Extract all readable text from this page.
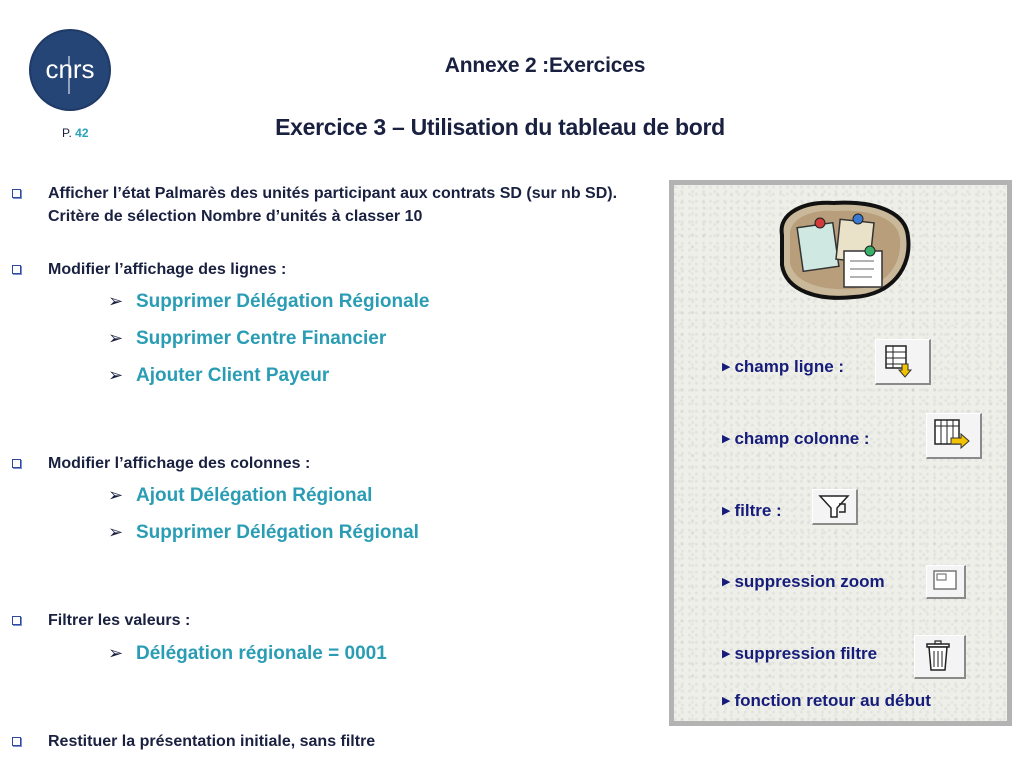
cnrs
P. 42
Annexe 2 :Exercices
Exercice 3 – Utilisation du tableau de bord
Afficher l’état Palmarès des unités participant aux contrats SD (sur nb SD). Critère de sélection Nombre d’unités à classer 10
Modifier l’affichage des lignes :
➢ Supprimer Délégation Régionale
➢ Supprimer Centre Financier
➢ Ajouter Client Payeur
Modifier l’affichage des colonnes :
➢ Ajout Délégation Régional
➢ Supprimer Délégation Régional
Filtrer les valeurs :
➢ Délégation régionale = 0001
Restituer la présentation initiale, sans filtre
▶ champ ligne :
▶ champ colonne :
▶ filtre :
▶ suppression zoom
▶ suppression filtre
▶ fonction retour au début
